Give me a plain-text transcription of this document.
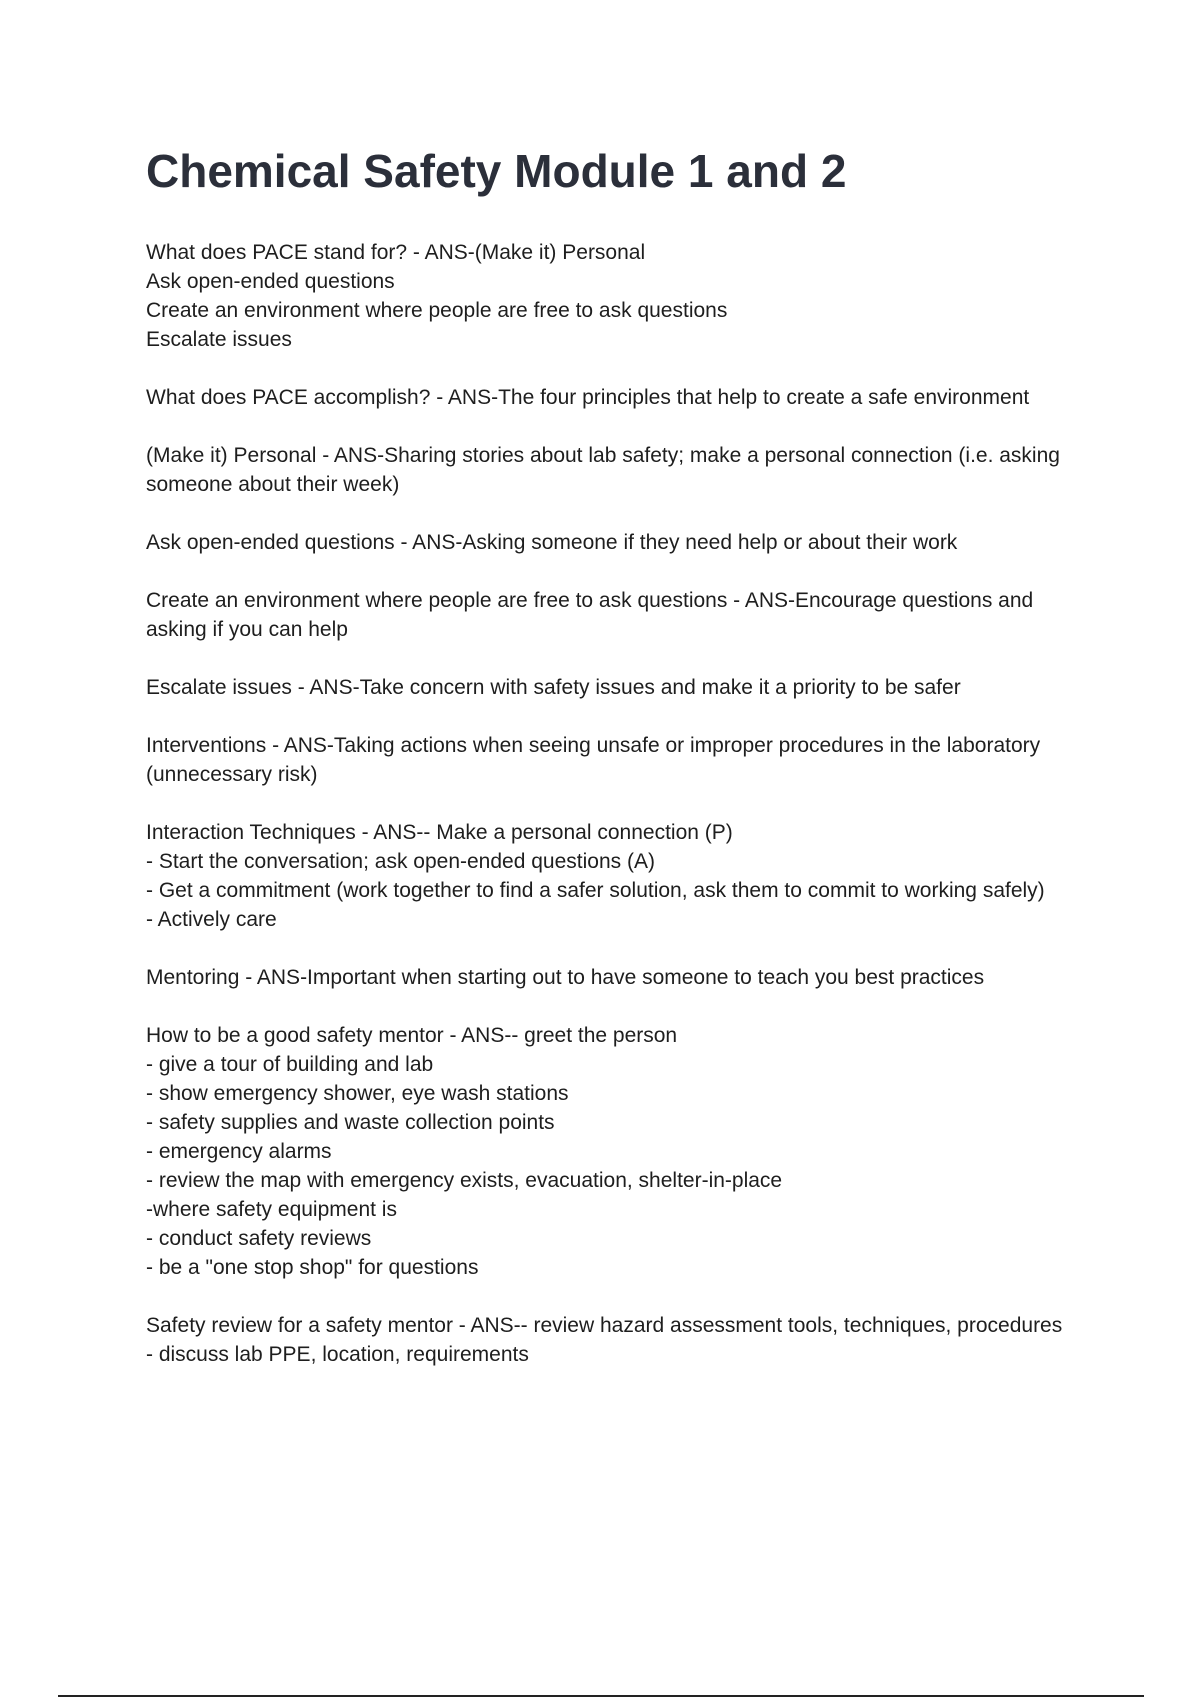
Chemical Safety Module 1 and 2
What does PACE stand for? - ANS-(Make it) Personal
Ask open-ended questions
Create an environment where people are free to ask questions
Escalate issues
What does PACE accomplish? - ANS-The four principles that help to create a safe environment
(Make it) Personal - ANS-Sharing stories about lab safety; make a personal connection (i.e. asking someone about their week)
Ask open-ended questions - ANS-Asking someone if they need help or about their work
Create an environment where people are free to ask questions - ANS-Encourage questions and asking if you can help
Escalate issues - ANS-Take concern with safety issues and make it a priority to be safer
Interventions - ANS-Taking actions when seeing unsafe or improper procedures in the laboratory (unnecessary risk)
Interaction Techniques - ANS-- Make a personal connection (P)
- Start the conversation; ask open-ended questions (A)
- Get a commitment (work together to find a safer solution, ask them to commit to working safely)
- Actively care
Mentoring - ANS-Important when starting out to have someone to teach you best practices
How to be a good safety mentor - ANS-- greet the person
- give a tour of building and lab
- show emergency shower, eye wash stations
- safety supplies and waste collection points
- emergency alarms
- review the map with emergency exists, evacuation, shelter-in-place
-where safety equipment is
- conduct safety reviews
- be a "one stop shop" for questions
Safety review for a safety mentor - ANS-- review hazard assessment tools, techniques, procedures
- discuss lab PPE, location, requirements
